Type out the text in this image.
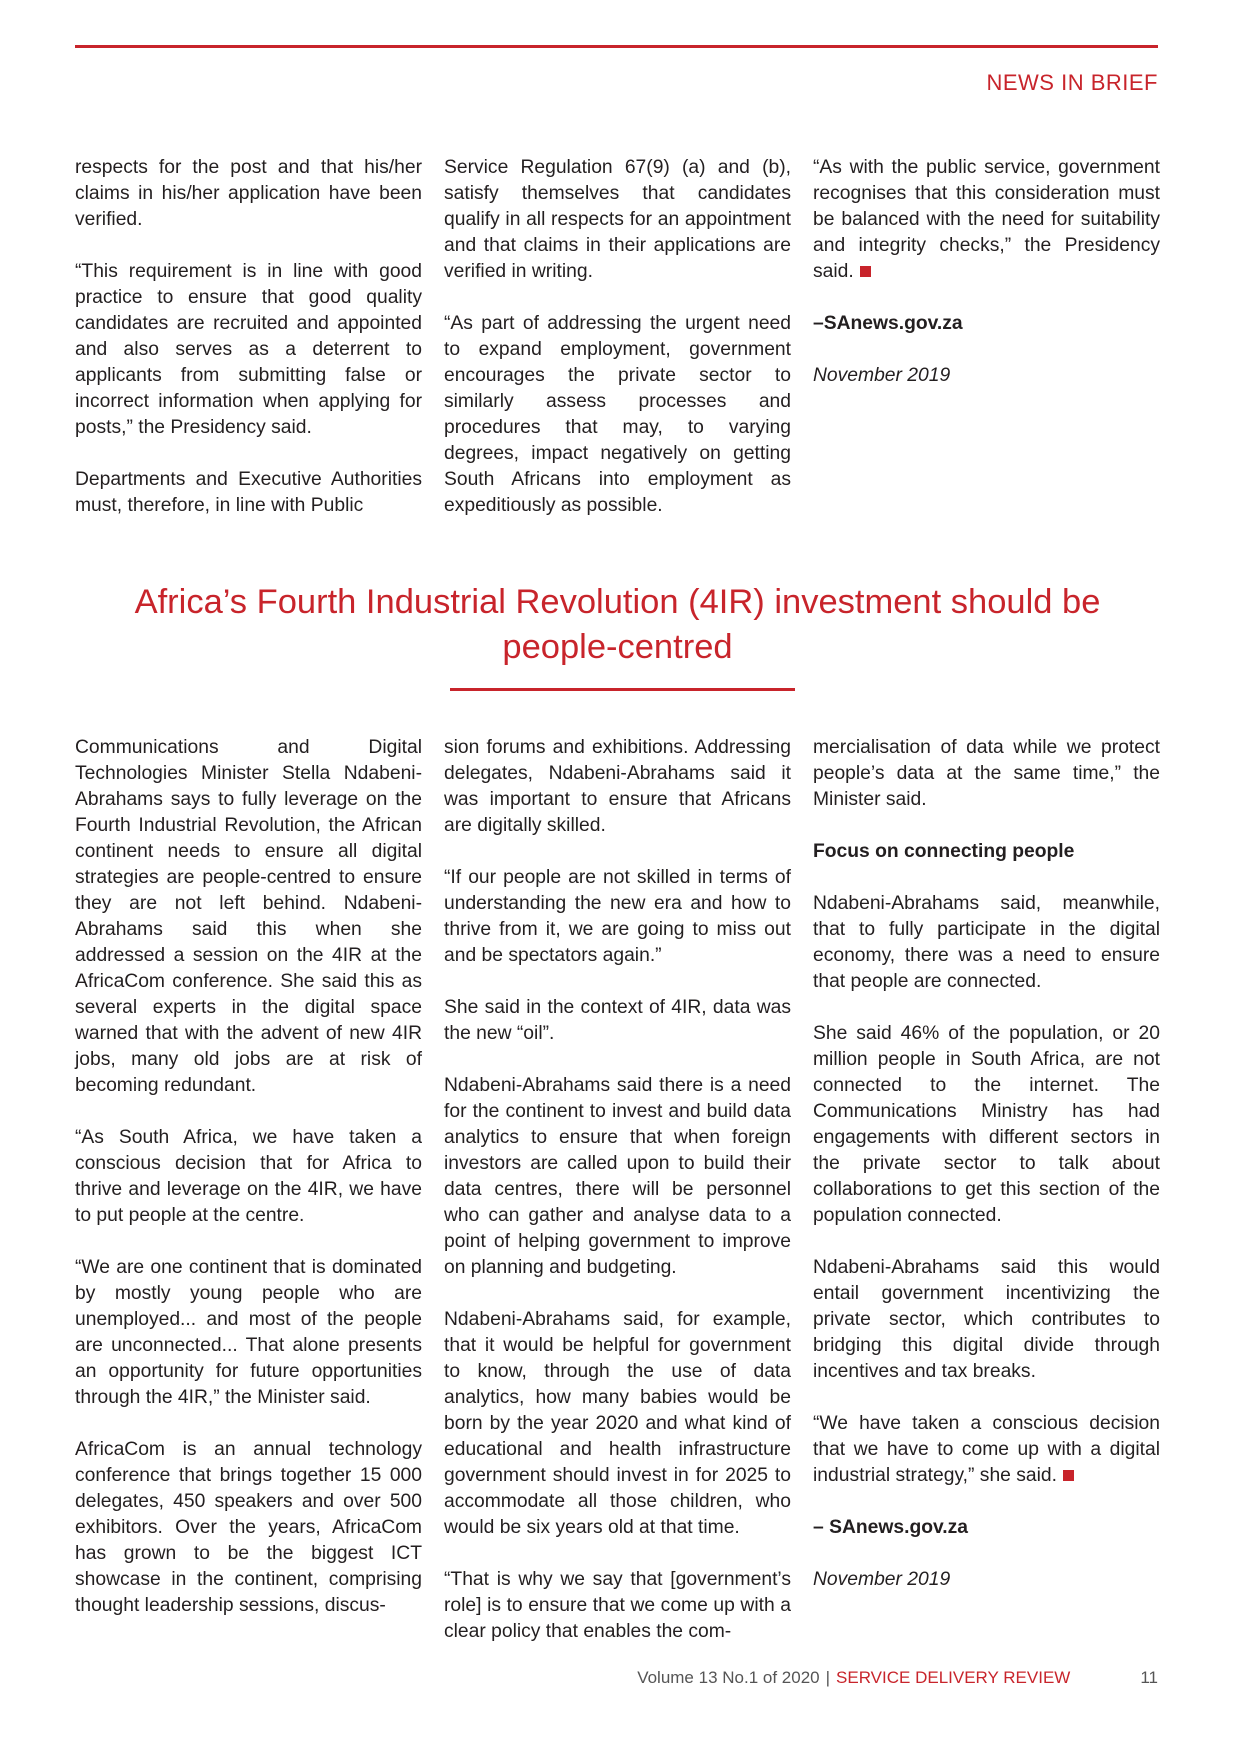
NEWS IN BRIEF

respects for the post and that his/her claims in his/her application have been verified.

“This requirement is in line with good practice to ensure that good quality candidates are recruited and appointed and also serves as a deterrent to applicants from submitting false or incorrect information when applying for posts,” the Presidency said.

Departments and Executive Authorities must, therefore, in line with Public

Service Regulation 67(9) (a) and (b), satisfy themselves that candidates qualify in all respects for an appointment and that claims in their applications are verified in writing.

“As part of addressing the urgent need to expand employment, government encourages the private sector to similarly assess processes and procedures that may, to varying degrees, impact negatively on getting South Africans into employment as expeditiously as possible.

“As with the public service, government recognises that this consideration must be balanced with the need for suitability and integrity checks,” the Presidency said.

–SAnews.gov.za

November 2019

Africa’s Fourth Industrial Revolution (4IR) investment should be people-centred

Communications and Digital Technologies Minister Stella Ndabeni-Abrahams says to fully leverage on the Fourth Industrial Revolution, the African continent needs to ensure all digital strategies are people-centred to ensure they are not left behind. Ndabeni-Abrahams said this when she addressed a session on the 4IR at the AfricaCom conference. She said this as several experts in the digital space warned that with the advent of new 4IR jobs, many old jobs are at risk of becoming redundant.

“As South Africa, we have taken a conscious decision that for Africa to thrive and leverage on the 4IR, we have to put people at the centre.

“We are one continent that is dominated by mostly young people who are unemployed... and most of the people are unconnected... That alone presents an opportunity for future opportunities through the 4IR,” the Minister said.

AfricaCom is an annual technology conference that brings together 15 000 delegates, 450 speakers and over 500 exhibitors. Over the years, AfricaCom has grown to be the biggest ICT showcase in the continent, comprising thought leadership sessions, discus-

sion forums and exhibitions. Addressing delegates, Ndabeni-Abrahams said it was important to ensure that Africans are digitally skilled.

“If our people are not skilled in terms of understanding the new era and how to thrive from it, we are going to miss out and be spectators again.”

She said in the context of 4IR, data was the new “oil”.

Ndabeni-Abrahams said there is a need for the continent to invest and build data analytics to ensure that when foreign investors are called upon to build their data centres, there will be personnel who can gather and analyse data to a point of helping government to improve on planning and budgeting.

Ndabeni-Abrahams said, for example, that it would be helpful for government to know, through the use of data analytics, how many babies would be born by the year 2020 and what kind of educational and health infrastructure government should invest in for 2025 to accommodate all those children, who would be six years old at that time.

“That is why we say that [government’s role] is to ensure that we come up with a clear policy that enables the com-

mercialisation of data while we protect people’s data at the same time,” the Minister said.

Focus on connecting people

Ndabeni-Abrahams said, meanwhile, that to fully participate in the digital economy, there was a need to ensure that people are connected.

She said 46% of the population, or 20 million people in South Africa, are not connected to the internet. The Communications Ministry has had engagements with different sectors in the private sector to talk about collaborations to get this section of the population connected.

Ndabeni-Abrahams said this would entail government incentivizing the private sector, which contributes to bridging this digital divide through incentives and tax breaks.

“We have taken a conscious decision that we have to come up with a digital industrial strategy,” she said.

– SAnews.gov.za

November 2019

Volume 13 No.1 of 2020 | SERVICE DELIVERY REVIEW	11
